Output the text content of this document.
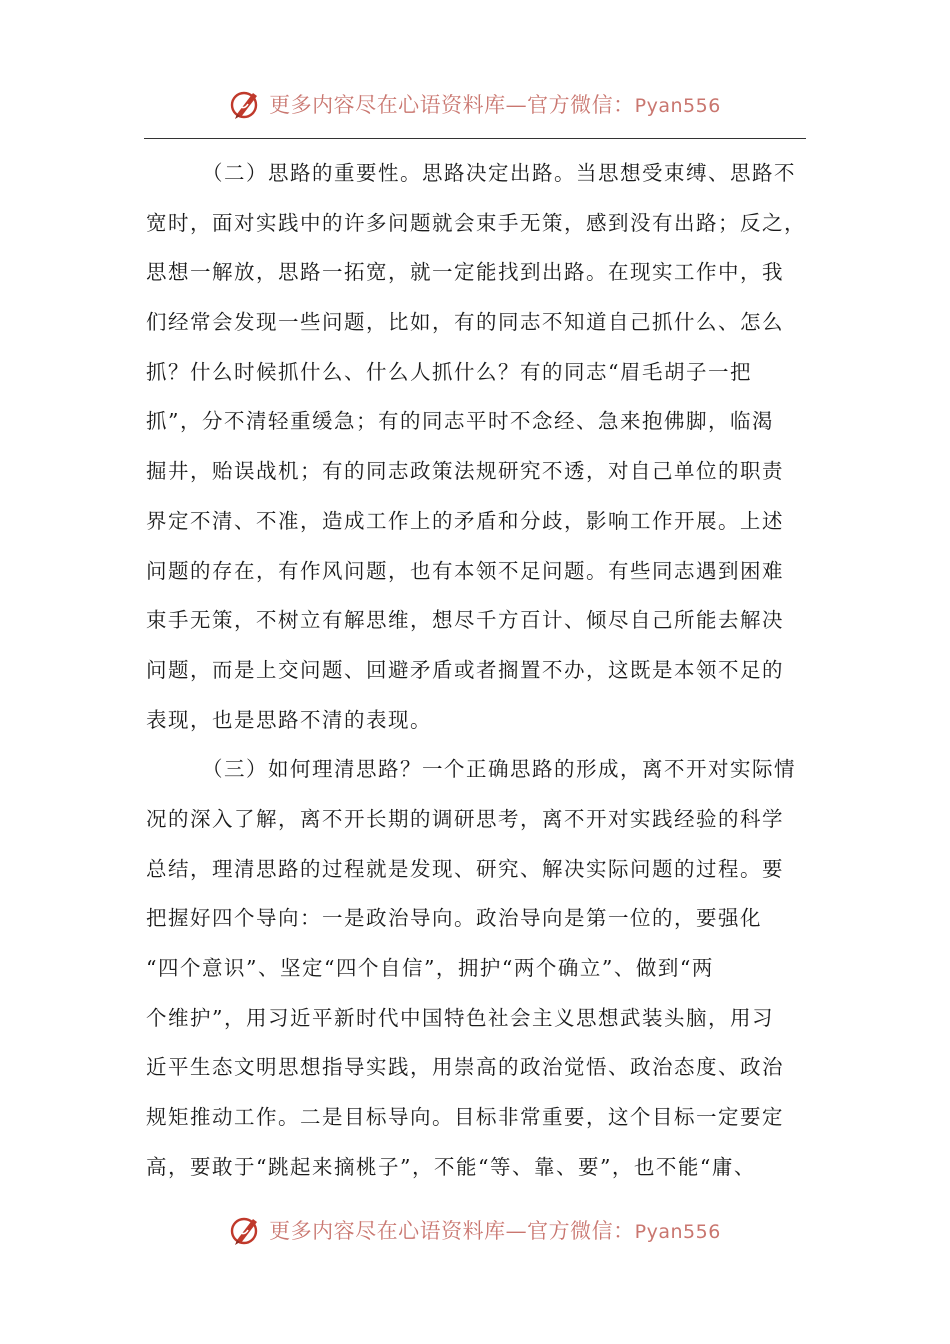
更多内容尽在心语资料库—官方微信：Pyan556
（二）思路的重要性。思路决定出路。当思想受束缚、思路不
宽时，面对实践中的许多问题就会束手无策，感到没有出路；反之，
思想一解放，思路一拓宽，就一定能找到出路。在现实工作中，我
们经常会发现一些问题，比如，有的同志不知道自己抓什么、怎么
抓？什么时候抓什么、什么人抓什么？有的同志“眉毛胡子一把
抓”，分不清轻重缓急；有的同志平时不念经、急来抱佛脚，临渴
掘井，贻误战机；有的同志政策法规研究不透，对自己单位的职责
界定不清、不准，造成工作上的矛盾和分歧，影响工作开展。上述
问题的存在，有作风问题，也有本领不足问题。有些同志遇到困难
束手无策，不树立有解思维，想尽千方百计、倾尽自己所能去解决
问题，而是上交问题、回避矛盾或者搁置不办，这既是本领不足的
表现，也是思路不清的表现。
（三）如何理清思路？一个正确思路的形成，离不开对实际情
况的深入了解，离不开长期的调研思考，离不开对实践经验的科学
总结，理清思路的过程就是发现、研究、解决实际问题的过程。要
把握好四个导向：一是政治导向。政治导向是第一位的，要强化
“四个意识”、坚定“四个自信”，拥护“两个确立”、做到“两
个维护”，用习近平新时代中国特色社会主义思想武装头脑，用习
近平生态文明思想指导实践，用崇高的政治觉悟、政治态度、政治
规矩推动工作。二是目标导向。目标非常重要，这个目标一定要定
高，要敢于“跳起来摘桃子”，不能“等、靠、要”，也不能“庸、
更多内容尽在心语资料库—官方微信：Pyan556
